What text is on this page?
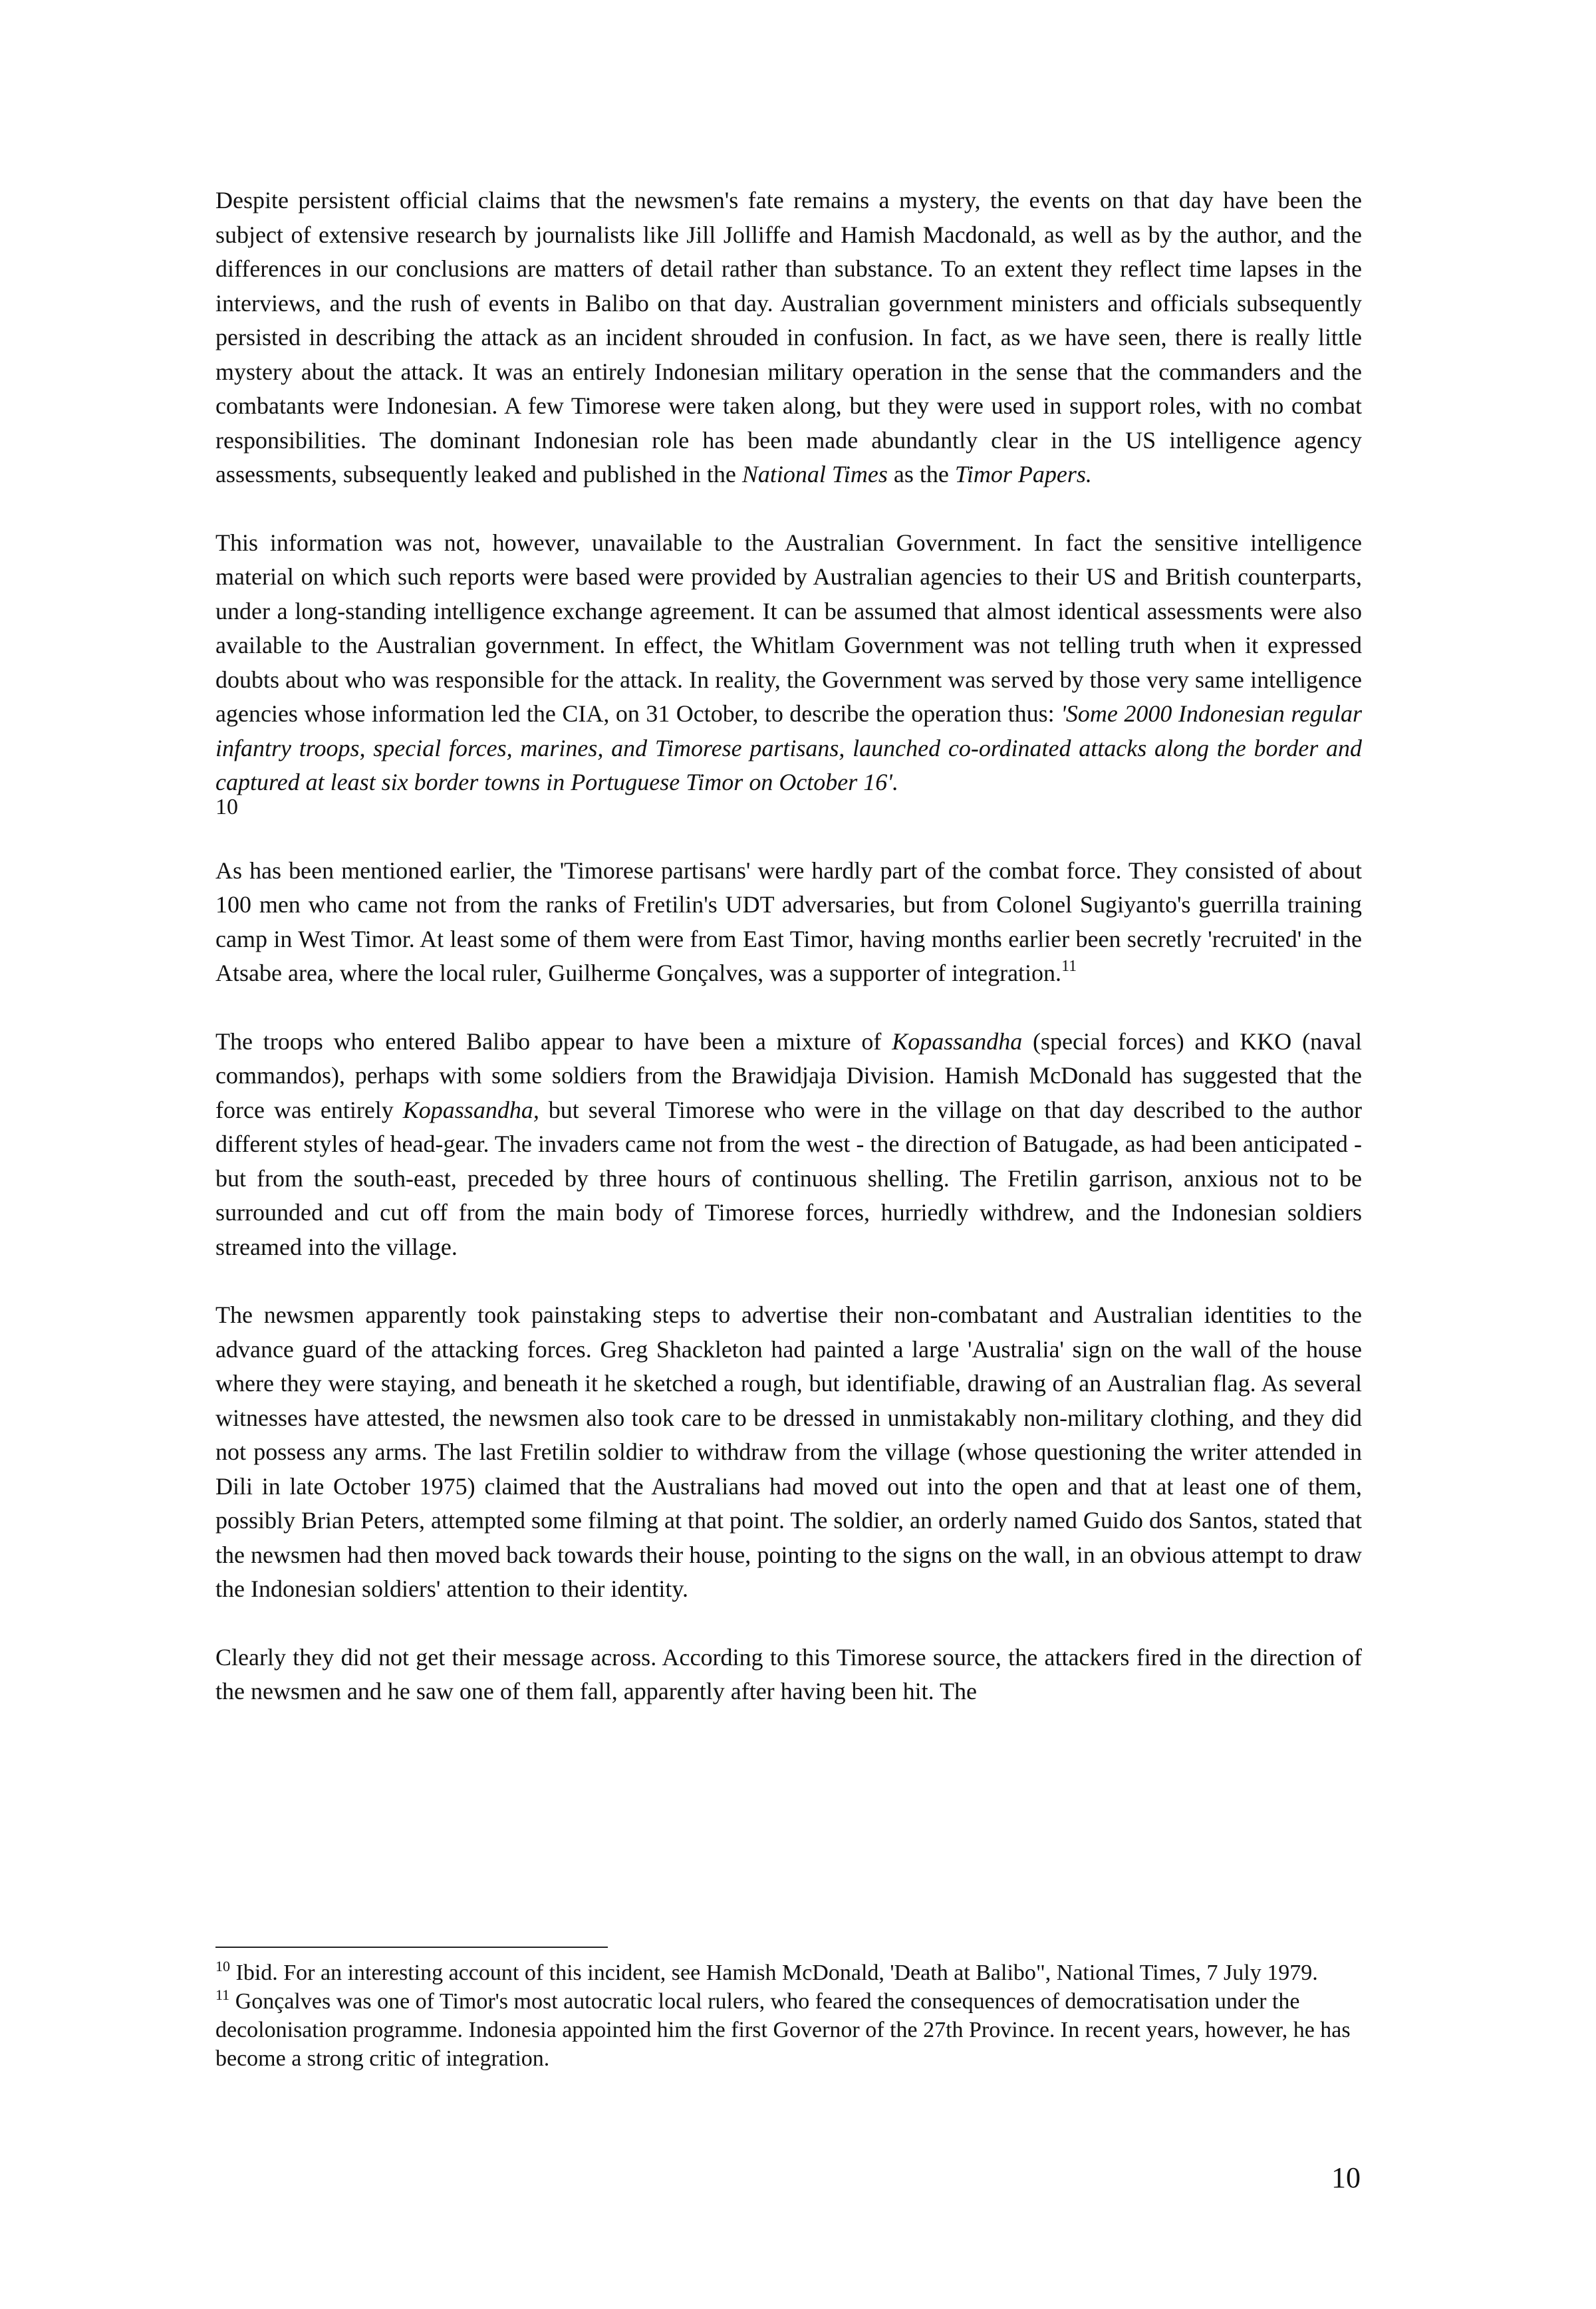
Despite persistent official claims that the newsmen's fate remains a mystery, the events on that day have been the subject of extensive research by journalists like Jill Jolliffe and Hamish Macdonald, as well as by the author, and the differences in our conclusions are matters of detail rather than substance. To an extent they reflect time lapses in the interviews, and the rush of events in Balibo on that day. Australian government ministers and officials subsequently persisted in describing the attack as an incident shrouded in confusion. In fact, as we have seen, there is really little mystery about the attack. It was an entirely Indonesian military operation in the sense that the commanders and the combatants were Indonesian. A few Timorese were taken along, but they were used in support roles, with no combat responsibilities. The dominant Indonesian role has been made abundantly clear in the US intelligence agency assessments, subsequently leaked and published in the National Times as the Timor Papers.

This information was not, however, unavailable to the Australian Government. In fact the sensitive intelligence material on which such reports were based were provided by Australian agencies to their US and British counterparts, under a long-standing intelligence exchange agreement. It can be assumed that almost identical assessments were also available to the Australian government. In effect, the Whitlam Government was not telling truth when it expressed doubts about who was responsible for the attack. In reality, the Government was served by those very same intelligence agencies whose information led the CIA, on 31 October, to describe the operation thus: 'Some 2000 Indonesian regular infantry troops, special forces, marines, and Timorese partisans, launched co-ordinated attacks along the border and captured at least six border towns in Portuguese Timor on October 16'.
10

As has been mentioned earlier, the 'Timorese partisans' were hardly part of the combat force. They consisted of about 100 men who came not from the ranks of Fretilin's UDT adversaries, but from Colonel Sugiyanto's guerrilla training camp in West Timor. At least some of them were from East Timor, having months earlier been secretly 'recruited' in the Atsabe area, where the local ruler, Guilherme Gonçalves, was a supporter of integration.$^{11}$

The troops who entered Balibo appear to have been a mixture of Kopassandha (special forces) and KKO (naval commandos), perhaps with some soldiers from the Brawidjaja Division. Hamish McDonald has suggested that the force was entirely Kopassandha, but several Timorese who were in the village on that day described to the author different styles of head-gear. The invaders came not from the west - the direction of Batugade, as had been anticipated - but from the south-east, preceded by three hours of continuous shelling. The Fretilin garrison, anxious not to be surrounded and cut off from the main body of Timorese forces, hurriedly withdrew, and the Indonesian soldiers streamed into the village.

The newsmen apparently took painstaking steps to advertise their non-combatant and Australian identities to the advance guard of the attacking forces. Greg Shackleton had painted a large 'Australia' sign on the wall of the house where they were staying, and beneath it he sketched a rough, but identifiable, drawing of an Australian flag. As several witnesses have attested, the newsmen also took care to be dressed in unmistakably non-military clothing, and they did not possess any arms. The last Fretilin soldier to withdraw from the village (whose questioning the writer attended in Dili in late October 1975) claimed that the Australians had moved out into the open and that at least one of them, possibly Brian Peters, attempted some filming at that point. The soldier, an orderly named Guido dos Santos, stated that the newsmen had then moved back towards their house, pointing to the signs on the wall, in an obvious attempt to draw the Indonesian soldiers' attention to their identity.

Clearly they did not get their message across. According to this Timorese source, the attackers fired in the direction of the newsmen and he saw one of them fall, apparently after having been hit. The

$^{10}$ Ibid. For an interesting account of this incident, see Hamish McDonald, 'Death at Balibo", National Times, 7 July 1979.

$^{11}$ Gonçalves was one of Timor's most autocratic local rulers, who feared the consequences of democratisation under the decolonisation programme. Indonesia appointed him the first Governor of the 27th Province. In recent years, however, he has become a strong critic of integration.

10
